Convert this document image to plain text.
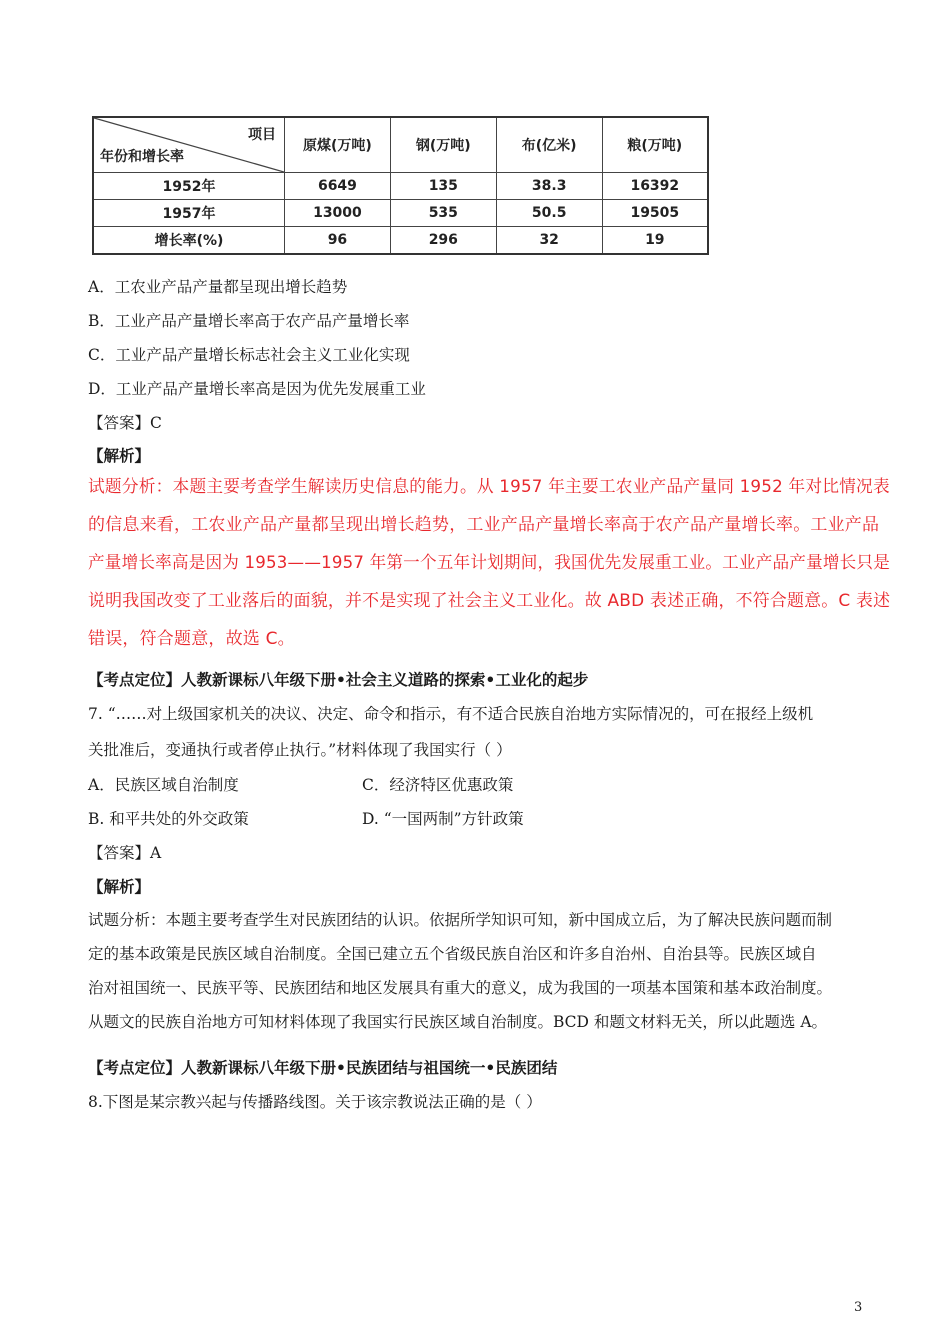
项目
年份和增长率	原煤(万吨)	钢(万吨)	布(亿米)	粮(万吨)
1952年	6649	135	38.3	16392
1957年	13000	535	50.5	19505
增长率(%)	96	296	32	19
A．工农业产品产量都呈现出增长趋势
B．工业产品产量增长率高于农产品产量增长率
C．工业产品产量增长标志社会主义工业化实现
D．工业产品产量增长率高是因为优先发展重工业
【答案】C
【解析】
试题分析：本题主要考查学生解读历史信息的能力。从 1957 年主要工农业产品产量同 1952 年对比情况表
的信息来看，工农业产品产量都呈现出增长趋势，工业产品产量增长率高于农产品产量增长率。工业产品
产量增长率高是因为 1953——1957 年第一个五年计划期间，我国优先发展重工业。工业产品产量增长只是
说明我国改变了工业落后的面貌，并不是实现了社会主义工业化。故 ABD 表述正确，不符合题意。C 表述
错误，符合题意，故选 C。
【考点定位】人教新课标八年级下册•社会主义道路的探索•工业化的起步
7. “……对上级国家机关的决议、决定、命令和指示，有不适合民族自治地方实际情况的，可在报经上级机
关批准后，变通执行或者停止执行。”材料体现了我国实行（ ）
A．民族区域自治制度	C．经济特区优惠政策
B. 和平共处的外交政策	D. “一国两制”方针政策
【答案】A
【解析】
试题分析：本题主要考查学生对民族团结的认识。依据所学知识可知，新中国成立后，为了解决民族问题而制
定的基本政策是民族区域自治制度。全国已建立五个省级民族自治区和许多自治州、自治县等。民族区域自
治对祖国统一、民族平等、民族团结和地区发展具有重大的意义，成为我国的一项基本国策和基本政治制度。
从题文的民族自治地方可知材料体现了我国实行民族区域自治制度。BCD 和题文材料无关，所以此题选 A。
【考点定位】人教新课标八年级下册•民族团结与祖国统一•民族团结
8.下图是某宗教兴起与传播路线图。关于该宗教说法正确的是（ ）
3
